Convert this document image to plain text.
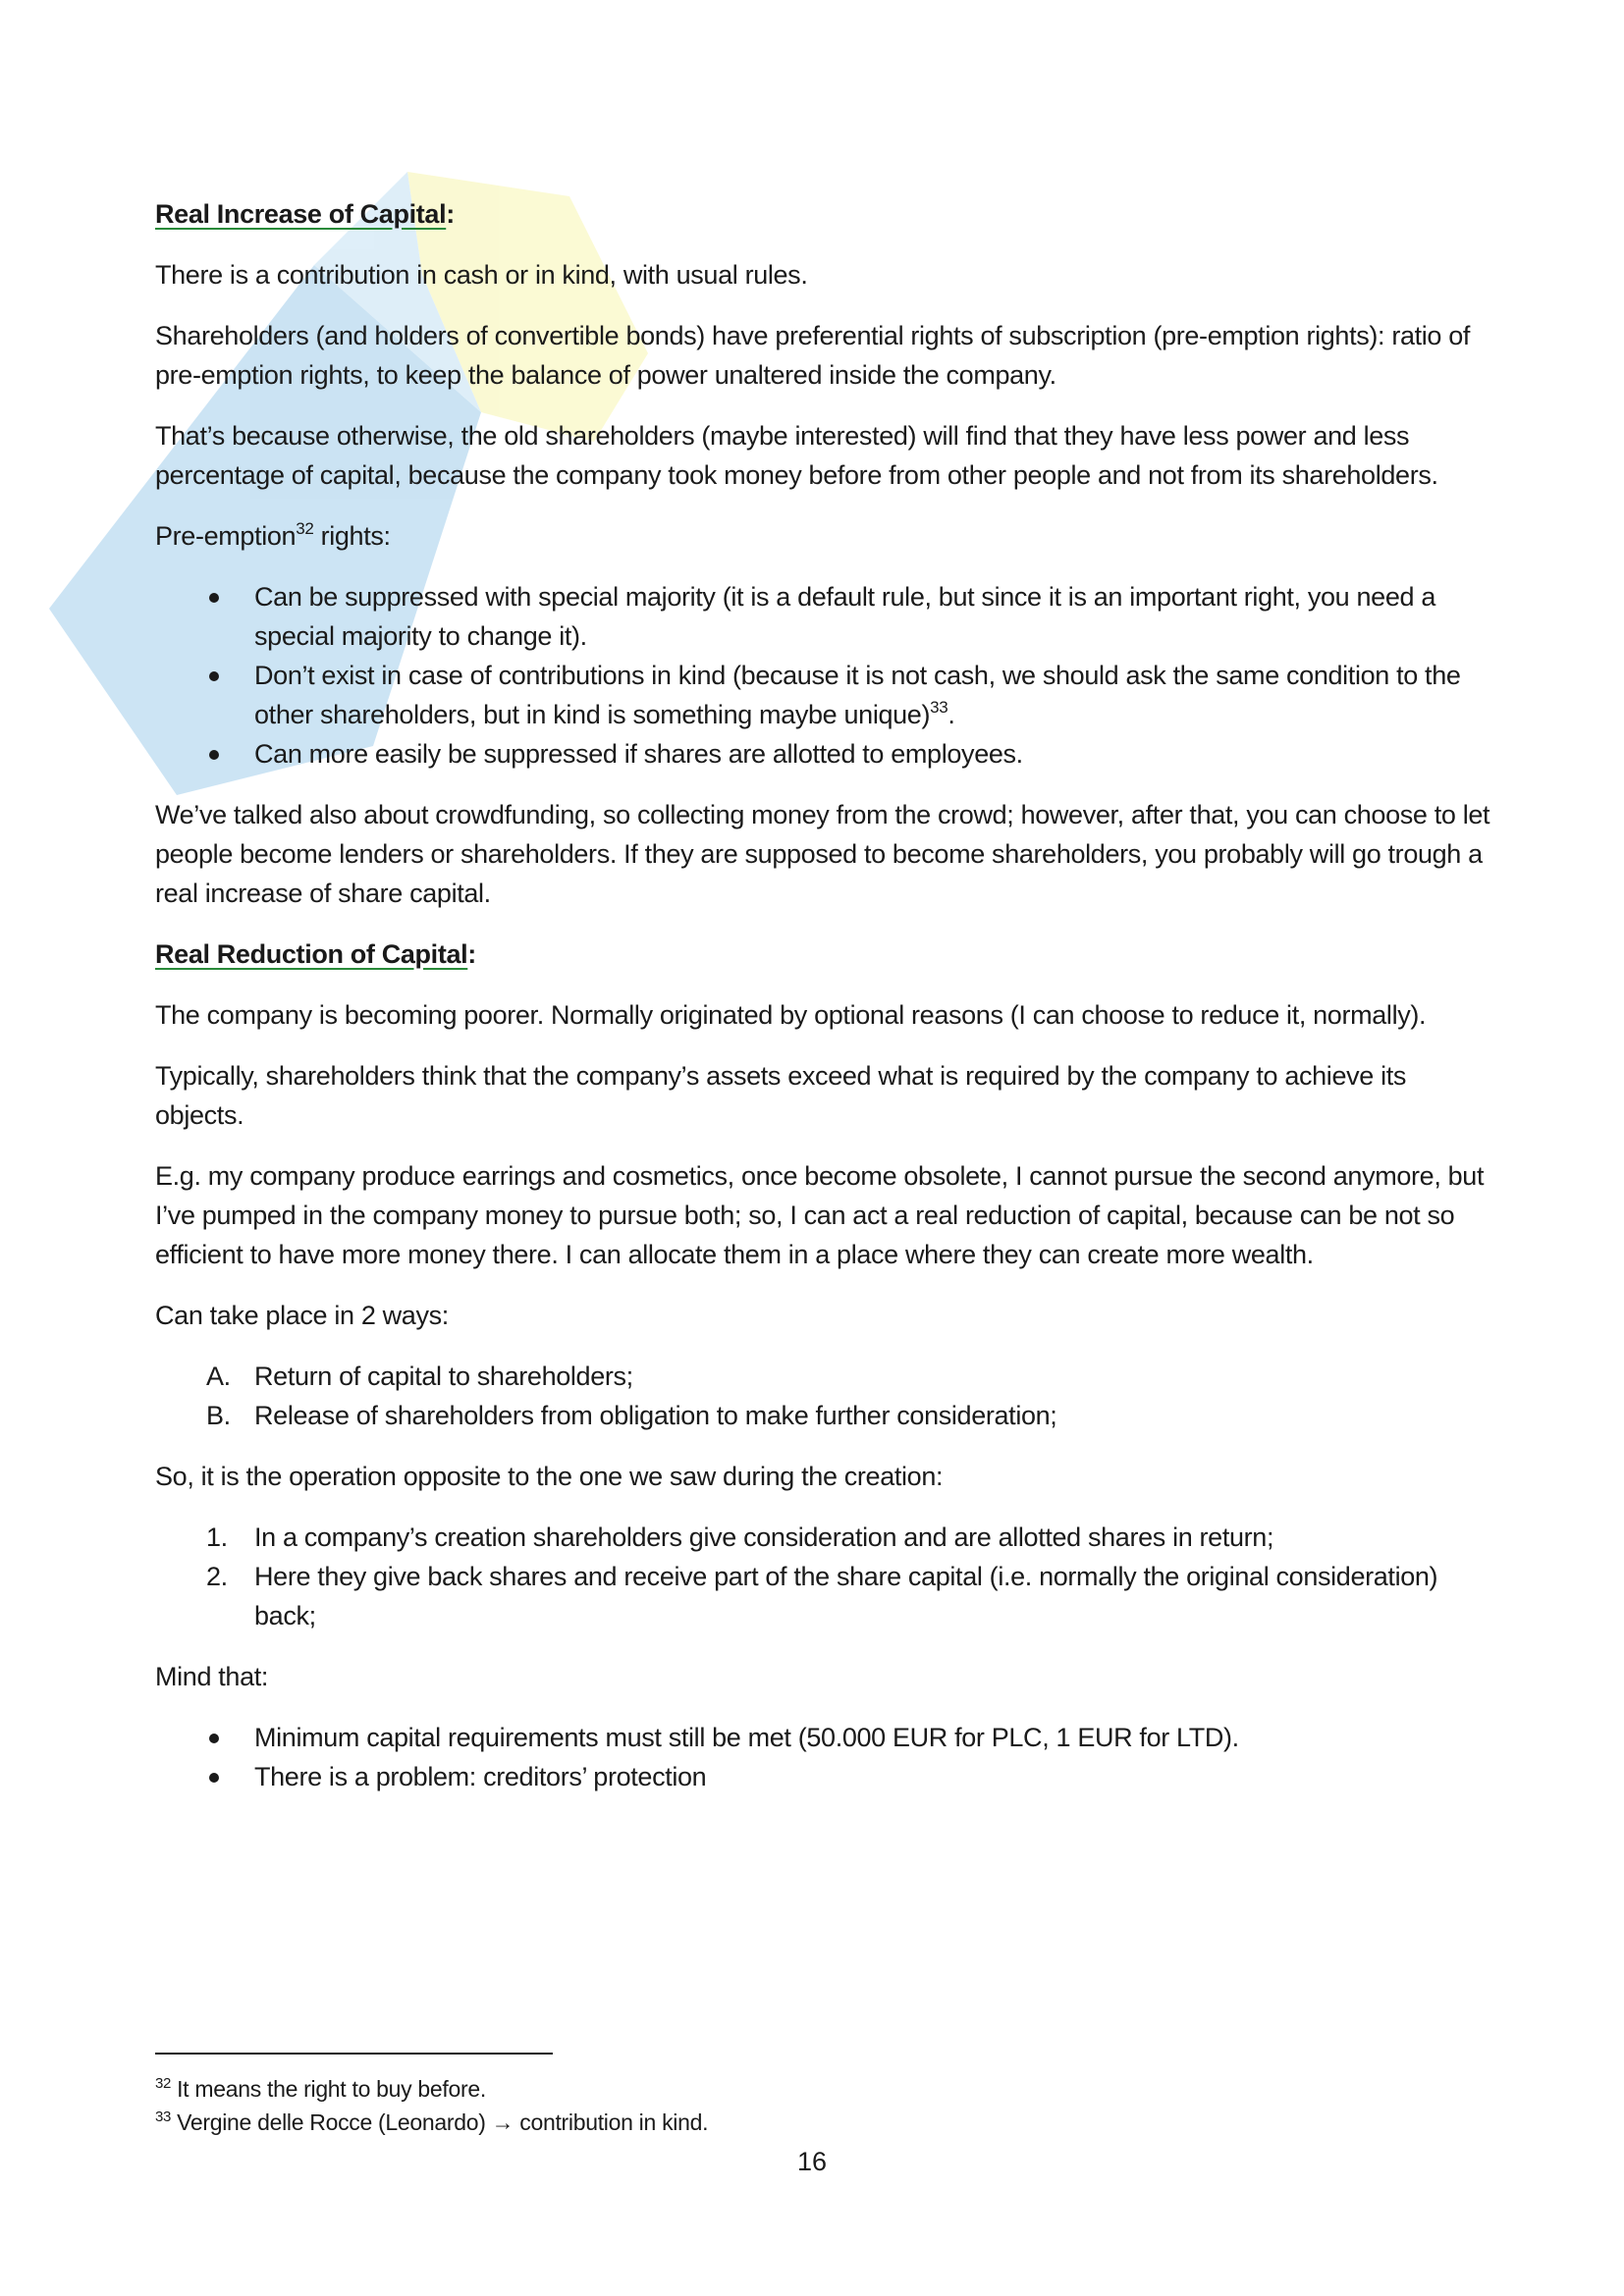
Real Increase of Capital:
There is a contribution in cash or in kind, with usual rules.
Shareholders (and holders of convertible bonds) have preferential rights of subscription (pre-emption rights): ratio of pre-emption rights, to keep the balance of power unaltered inside the company.
That’s because otherwise, the old shareholders (maybe interested) will find that they have less power and less percentage of capital, because the company took money before from other people and not from its shareholders.
Pre-emption$^{32}$ rights:
Can be suppressed with special majority (it is a default rule, but since it is an important right, you need a special majority to change it).
Don’t exist in case of contributions in kind (because it is not cash, we should ask the same condition to the other shareholders, but in kind is something maybe unique)$^{33}$.
Can more easily be suppressed if shares are allotted to employees.
We’ve talked also about crowdfunding, so collecting money from the crowd; however, after that, you can choose to let people become lenders or shareholders. If they are supposed to become shareholders, you probably will go trough a real increase of share capital.
Real Reduction of Capital:
The company is becoming poorer. Normally originated by optional reasons (I can choose to reduce it, normally).
Typically, shareholders think that the company’s assets exceed what is required by the company to achieve its objects.
E.g. my company produce earrings and cosmetics, once become obsolete, I cannot pursue the second anymore, but I’ve pumped in the company money to pursue both; so, I can act a real reduction of capital, because can be not so efficient to have more money there. I can allocate them in a place where they can create more wealth.
Can take place in 2 ways:
A. Return of capital to shareholders;
B. Release of shareholders from obligation to make further consideration;
So, it is the operation opposite to the one we saw during the creation:
1.	In a company’s creation shareholders give consideration and are allotted shares in return;
2.	Here they give back shares and receive part of the share capital (i.e. normally the original consideration) back;
Mind that:
Minimum capital requirements must still be met (50.000 EUR for PLC, 1 EUR for LTD).
There is a problem: creditors’ protection
$^{32}$ It means the right to buy before.
$^{33}$ Vergine delle Rocce (Leonardo) → contribution in kind.
16
